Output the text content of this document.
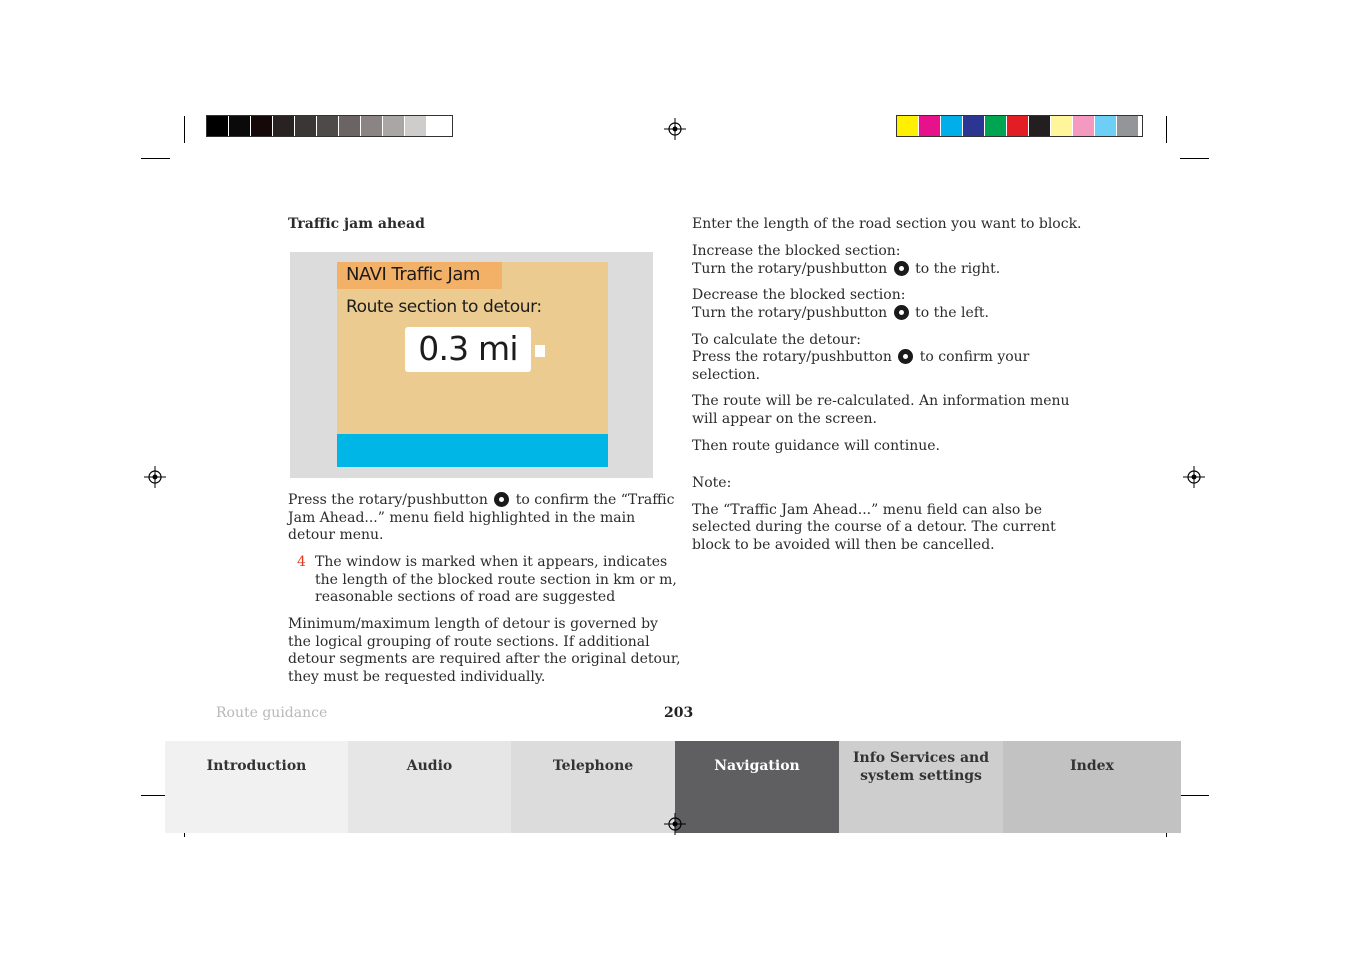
Traffic jam ahead

NAVI Traffic Jam
Route section to detour:
0.3 mi

Press the rotary/pushbutton to confirm the “Traffic

Jam Ahead...” menu field highlighted in the main

detour menu.

4 The window is marked when it appears, indicates

the length of the blocked route section in km or m,

reasonable sections of road are suggested

Minimum/maximum length of detour is governed by

the logical grouping of route sections. If additional

detour segments are required after the original detour,

they must be requested individually.

Enter the length of the road section you want to block.

Increase the blocked section:

Turn the rotary/pushbutton to the right.

Decrease the blocked section:

Turn the rotary/pushbutton to the left.

To calculate the detour:

Press the rotary/pushbutton to confirm your

selection.

The route will be re-calculated. An information menu

will appear on the screen.

Then route guidance will continue.

Note:

The “Traffic Jam Ahead...” menu field can also be

selected during the course of a detour. The current

block to be avoided will then be cancelled.

Route guidance	203
Introduction	Audio	Telephone	Navigation	Info Services and
system settings
Index
